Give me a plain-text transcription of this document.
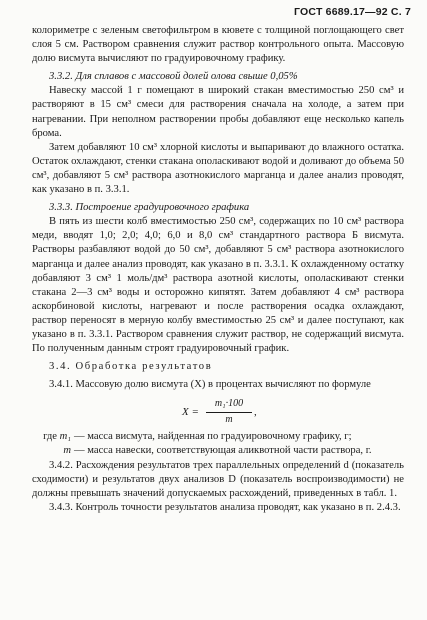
ГОСТ 6689.17—92 С. 7

колориметре с зеленым светофильтром в кювете с толщиной поглощающего свет слоя 5 см. Раствором сравнения служит раствор контрольного опыта. Массовую долю висмута вычисляют по градуировочному графику.

3.3.2. Для сплавов с массовой долей олова свыше 0,05%

Навеску массой 1 г помещают в широкий стакан вместимостью 250 см³ и растворяют в 15 см³ смеси для растворения сначала на холоде, а затем при нагревании. При неполном растворении пробы добавляют еще несколько капель брома.

Затем добавляют 10 см³ хлорной кислоты и выпаривают до влажного остатка. Остаток охлаждают, стенки стакана ополаскивают водой и доливают до объема 50 см³, добавляют 5 см³ раствора азотнокислого марганца и далее анализ проводят, как указано в п. 3.3.1.

3.3.3. Построение градуировочного графика

В пять из шести колб вместимостью 250 см³, содержащих по 10 см³ раствора меди, вводят 1,0; 2,0; 4,0; 6,0 и 8,0 см³ стандартного раствора Б висмута. Растворы разбавляют водой до 50 см³, добавляют 5 см³ раствора азотнокислого марганца и далее анализ проводят, как указано в п. 3.3.1. К охлажденному остатку добавляют 3 см³ 1 моль/дм³ раствора азотной кислоты, ополаскивают стенки стакана 2—3 см³ воды и осторожно кипятят. Затем добавляют 4 см³ раствора аскорбиновой кислоты, нагревают и после растворения осадка охлаждают, раствор переносят в мерную колбу вместимостью 25 см³ и далее поступают, как указано в п. 3.3.1. Раствором сравнения служит раствор, не содержащий висмута. По полученным данным строят градуировочный график.

3.4. Обработка результатов

3.4.1. Массовую долю висмута (X) в процентах вычисляют по формуле

$X = \frac{\text{m₁·100}}{m}$ ,
где m₁ — масса висмута, найденная по градуировочному графику, г;
m — масса навески, соответствующая аликвотной части раствора, г.

3.4.2. Расхождения результатов трех параллельных определений d (показатель сходимости) и результатов двух анализов D (показатель воспроизводимости) не должны превышать значений допускаемых расхождений, приведенных в табл. 1.

3.4.3. Контроль точности результатов анализа проводят, как указано в п. 2.4.3.
